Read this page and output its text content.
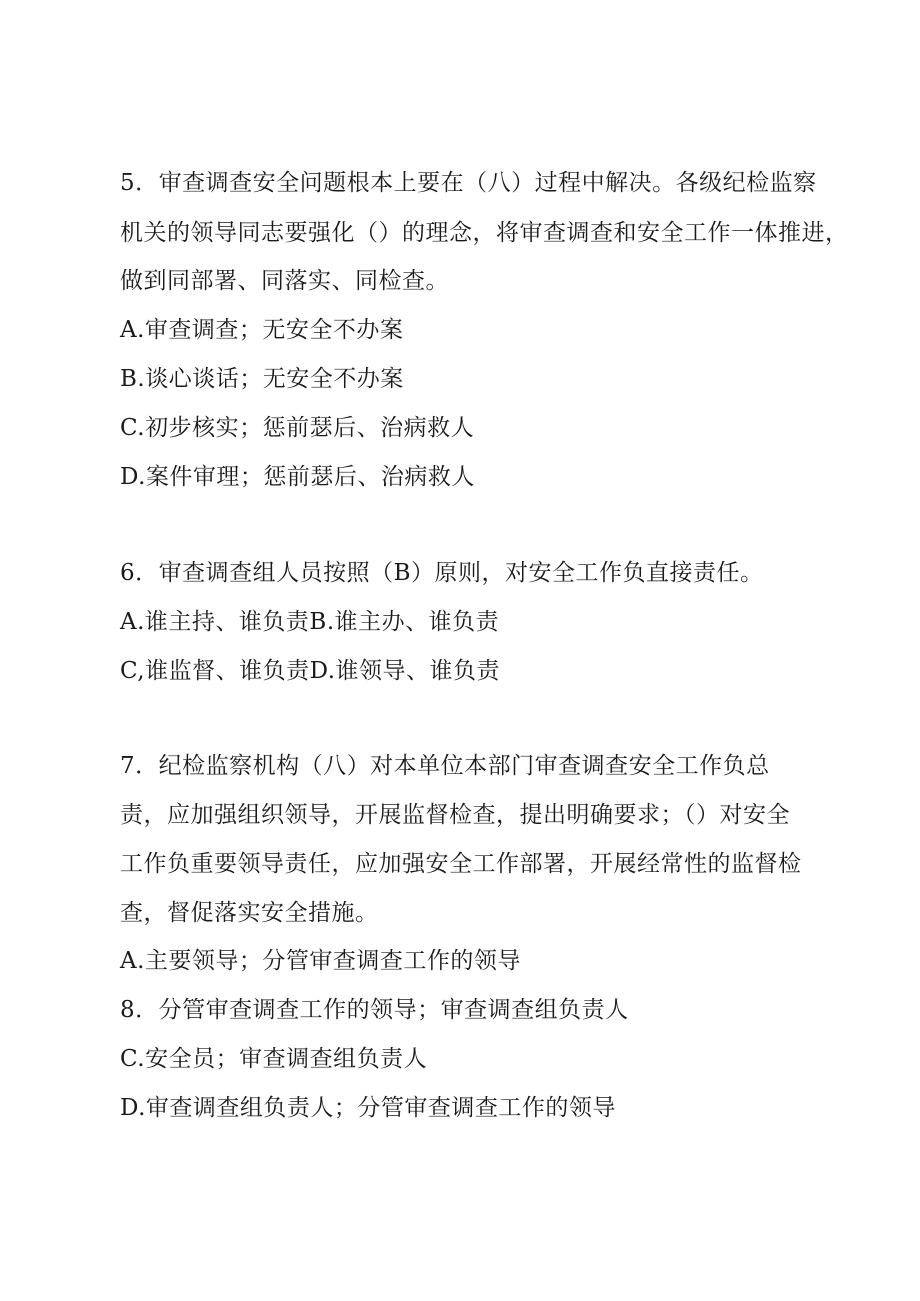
5．审查调查安全问题根本上要在（八）过程中解决。各级纪检监察
机关的领导同志要强化（）的理念，将审查调查和安全工作一体推进，
做到同部署、同落实、同检查。
A.审查调查；无安全不办案
B.谈心谈话；无安全不办案
C.初步核实；惩前瑟后、治病救人
D.案件审理；惩前瑟后、治病救人
6．审查调查组人员按照（B）原则，对安全工作负直接责任。
A.谁主持、谁负责B.谁主办、谁负责
C,谁监督、谁负责D.谁领导、谁负责
7．纪检监察机构（八）对本单位本部门审查调查安全工作负总
责，应加强组织领导，开展监督检查，提出明确要求；（）对安全
工作负重要领导责任，应加强安全工作部署，开展经常性的监督检
查，督促落实安全措施。
A.主要领导；分管审查调查工作的领导
8．分管审查调查工作的领导；审查调查组负责人
C.安全员；审查调查组负责人
D.审查调查组负责人；分管审查调查工作的领导
